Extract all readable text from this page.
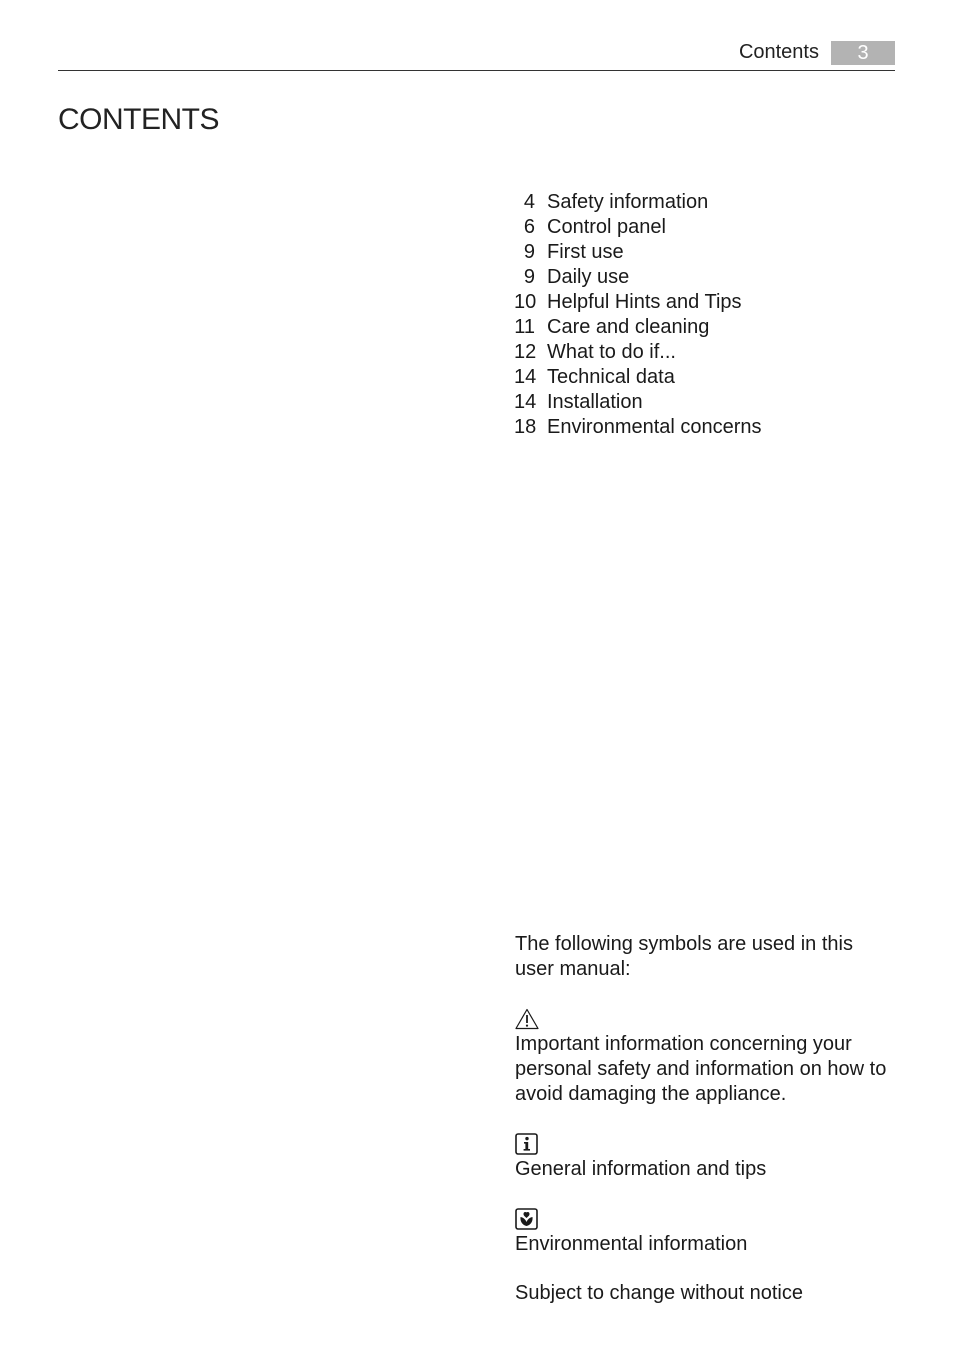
Contents	3
CONTENTS
4 Safety information
6 Control panel
9 First use
9 Daily use
10 Helpful Hints and Tips
11 Care and cleaning
12 What to do if...
14 Technical data
14 Installation
18 Environmental concerns

The following symbols are used in this user manual:

Important information concerning your personal safety and information on how to avoid damaging the appliance.

General information and tips

Environmental information

Subject to change without notice
